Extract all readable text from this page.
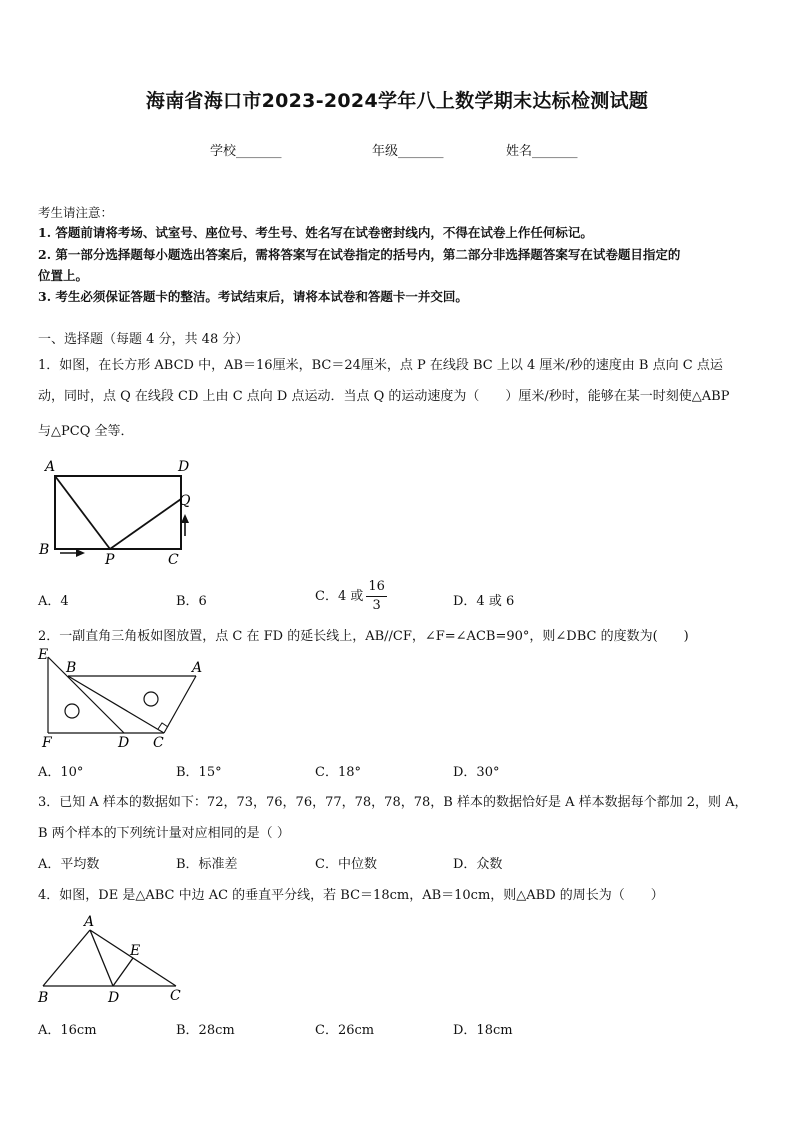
海南省海口市2023-2024学年八上数学期末达标检测试题
学校_______	年级_______	姓名_______
考生请注意：
1. 答题前请将考场、试室号、座位号、考生号、姓名写在试卷密封线内，不得在试卷上作任何标记。
2. 第一部分选择题每小题选出答案后，需将答案写在试卷指定的括号内，第二部分非选择题答案写在试卷题目指定的
位置上。
3. 考生必须保证答题卡的整洁。考试结束后，请将本试卷和答题卡一并交回。
一、选择题（每题 4 分，共 48 分）
1．如图，在长方形 ABCD 中，AB＝16厘米，BC＝24厘米，点 P 在线段 BC 上以 4 厘米/秒的速度由 B 点向 C 点运
动，同时，点 Q 在线段 CD 上由 C 点向 D 点运动．当点 Q 的运动速度为（　　）厘米/秒时，能够在某一时刻使△ABP
与△PCQ 全等．
A	D
Q
B
P	C
A．4	B．6	C．4 或 $\frac{16}{3}$	D．4 或 6
2．一副直角三角板如图放置，点 C 在 FD 的延长线上，AB//CF，∠F=∠ACB=90°，则∠DBC 的度数为(　　)
E
B	A
F	D C
A．10°	B．15°	C．18°	D．30°
3．已知 A 样本的数据如下：72，73，76，76，77，78，78，78，B 样本的数据恰好是 A 样本数据每个都加 2，则 A，
B 两个样本的下列统计量对应相同的是（ ）
A．平均数	B．标准差	C．中位数	D．众数
4．如图，DE 是△ABC 中边 AC 的垂直平分线，若 BC＝18cm，AB＝10cm，则△ABD 的周长为（　　）
A
E
B	D	C
A．16cm	B．28cm	C．26cm	D．18cm
